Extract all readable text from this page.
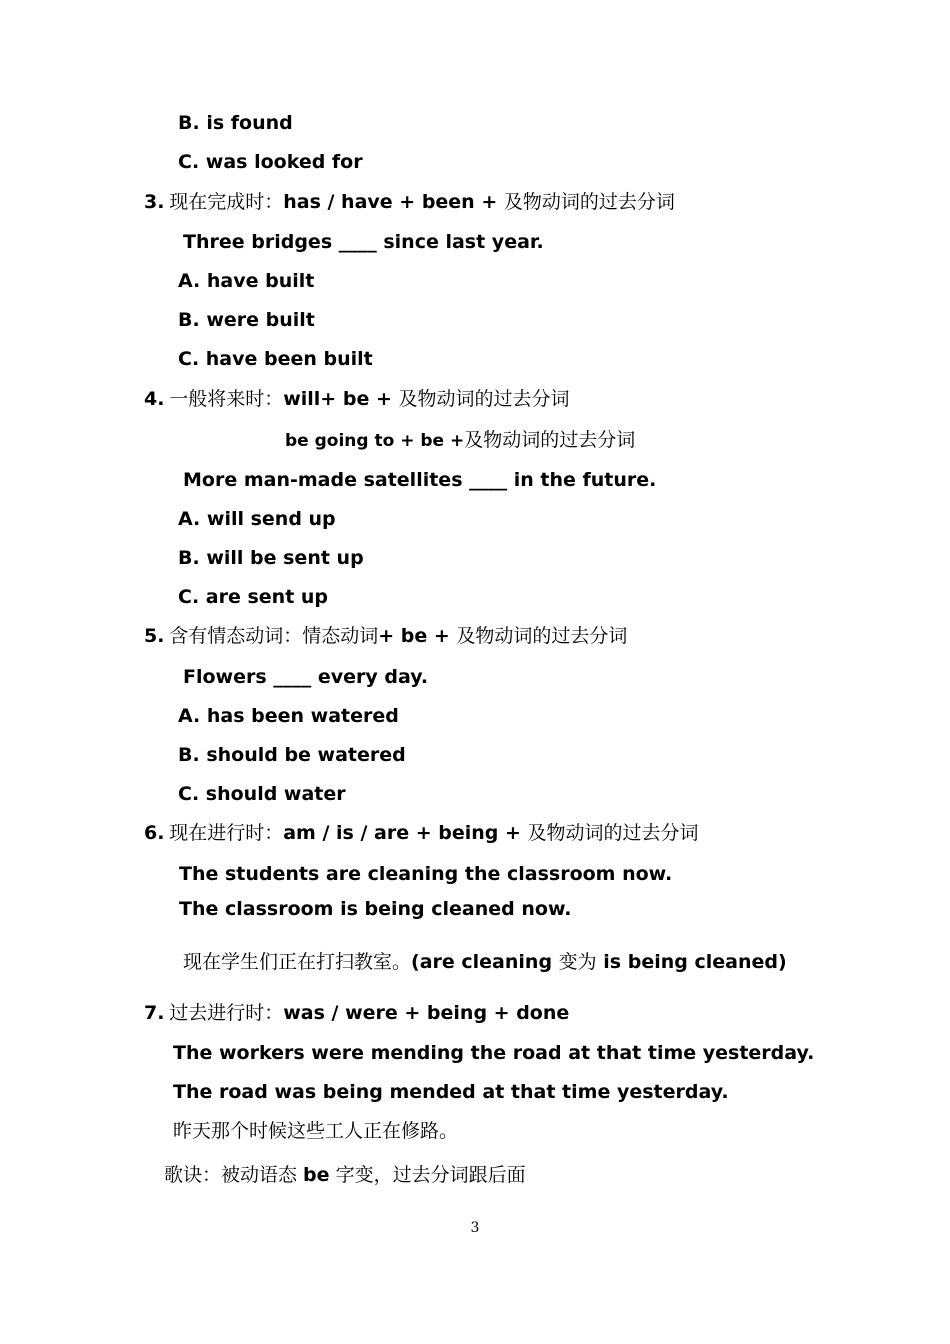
B. is found
C. was looked for
3. 现在完成时：has / have + been + 及物动词的过去分词
Three bridges ____ since last year.
A. have built
B. were built
C. have been built
4. 一般将来时：will+ be + 及物动词的过去分词
be going to + be +及物动词的过去分词
More man-made satellites ____ in the future.
A. will send up
B. will be sent up
C. are sent up
5. 含有情态动词：情态动词+ be + 及物动词的过去分词
Flowers ____ every day.
A. has been watered
B. should be watered
C. should water
6. 现在进行时：am / is / are + being + 及物动词的过去分词
The students are cleaning the classroom now.
The classroom is being cleaned now.
现在学生们正在打扫教室。(are cleaning 变为 is being cleaned)
7. 过去进行时：was / were + being + done
The workers were mending the road at that time yesterday.
The road was being mended at that time yesterday.
昨天那个时候这些工人正在修路。
歌诀：被动语态 be 字变，过去分词跟后面
3
